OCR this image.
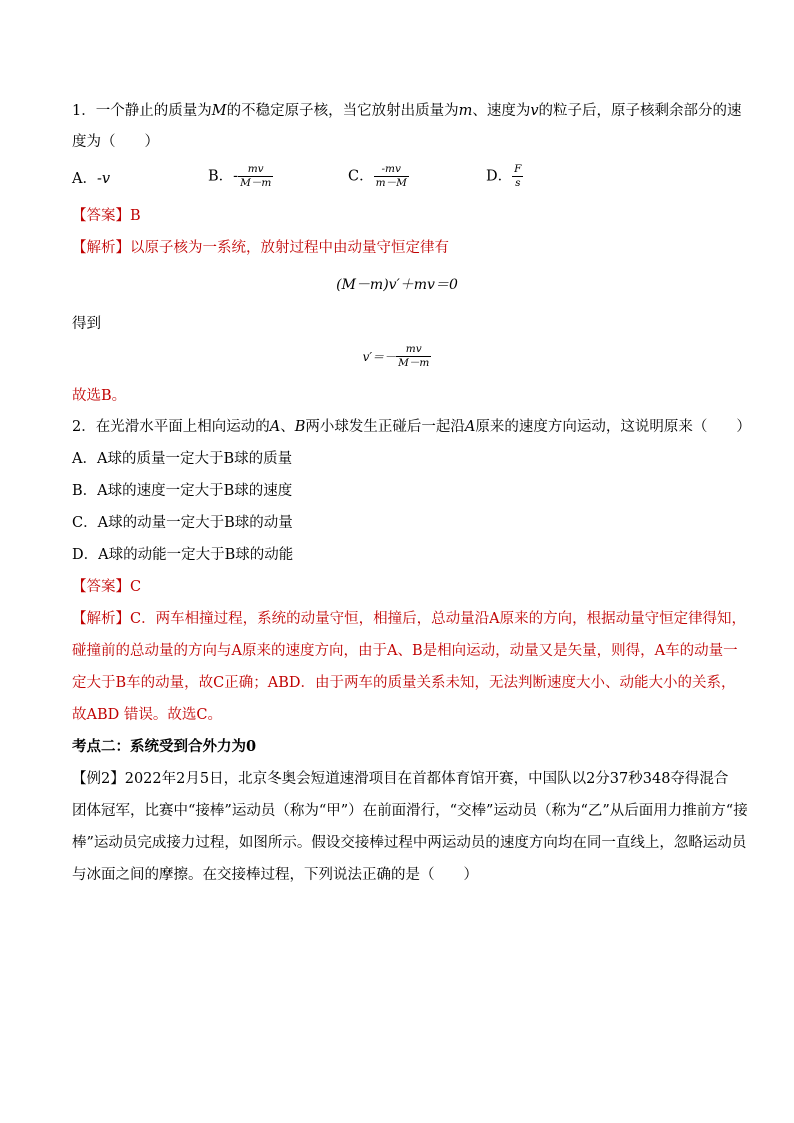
1．一个静止的质量为M的不稳定原子核，当它放射出质量为m、速度为v的粒子后，原子核剩余部分的速
度为（　　）
A．-v	B．- $\frac{mv}{M-m}$	C． $\frac{-mv}{m-M}$	D． $\frac{F}{s}$
【答案】B
【解析】以原子核为一系统，放射过程中由动量守恒定律有
(M－m)v′＋mv＝0
得到
$v'=- \frac{mv}{M-m}$
故选B。
2．在光滑水平面上相向运动的A、B两小球发生正碰后一起沿A原来的速度方向运动，这说明原来（　　）
A．A球的质量一定大于B球的质量
B．A球的速度一定大于B球的速度
C．A球的动量一定大于B球的动量
D．A球的动能一定大于B球的动能
【答案】C
【解析】C．两车相撞过程，系统的动量守恒，相撞后，总动量沿A原来的方向，根据动量守恒定律得知，
碰撞前的总动量的方向与A原来的速度方向，由于A、B是相向运动，动量又是矢量，则得，A车的动量一
定大于B车的动量，故C正确；ABD．由于两车的质量关系未知，无法判断速度大小、动能大小的关系，
故ABD 错误。故选C。
考点二：系统受到合外力为0
【例2】2022年2月5日，北京冬奥会短道速滑项目在首都体育馆开赛，中国队以2分37秒348夺得混合
团体冠军，比赛中“接棒”运动员（称为“甲”）在前面滑行，“交棒”运动员（称为“乙”从后面用力推前方“接
棒”运动员完成接力过程，如图所示。假设交接棒过程中两运动员的速度方向均在同一直线上，忽略运动员
与冰面之间的摩擦。在交接棒过程，下列说法正确的是（　　）
